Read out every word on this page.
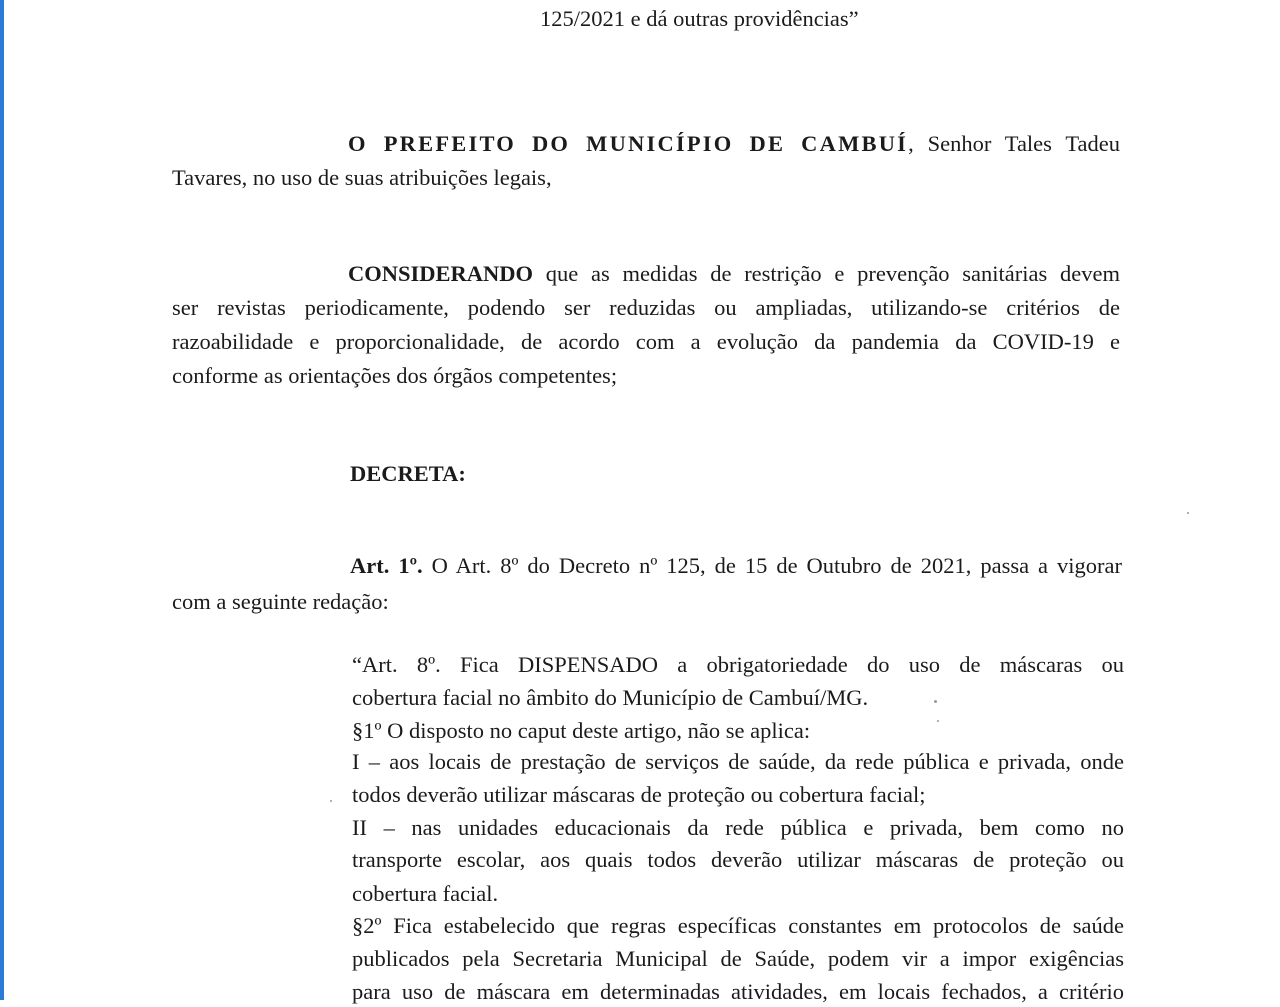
125/2021 e dá outras providências”
O PREFEITO DO MUNICÍPIO DE CAMBUÍ, Senhor Tales Tadeu
Tavares, no uso de suas atribuições legais,
CONSIDERANDO que as medidas de restrição e prevenção sanitárias devem
ser revistas periodicamente, podendo ser reduzidas ou ampliadas, utilizando-se critérios de
razoabilidade e proporcionalidade, de acordo com a evolução da pandemia da COVID-19 e
conforme as orientações dos órgãos competentes;
DECRETA:
Art. 1º. O Art. 8º do Decreto nº 125, de 15 de Outubro de 2021, passa a vigorar
com a seguinte redação:
“Art. 8º. Fica DISPENSADO a obrigatoriedade do uso de máscaras ou
cobertura facial no âmbito do Município de Cambuí/MG.
§1º O disposto no caput deste artigo, não se aplica:
I – aos locais de prestação de serviços de saúde, da rede pública e privada, onde
todos deverão utilizar máscaras de proteção ou cobertura facial;
II – nas unidades educacionais da rede pública e privada, bem como no
transporte escolar, aos quais todos deverão utilizar máscaras de proteção ou
cobertura facial.
§2º Fica estabelecido que regras específicas constantes em protocolos de saúde
publicados pela Secretaria Municipal de Saúde, podem vir a impor exigências
para uso de máscara em determinadas atividades, em locais fechados, a critério
